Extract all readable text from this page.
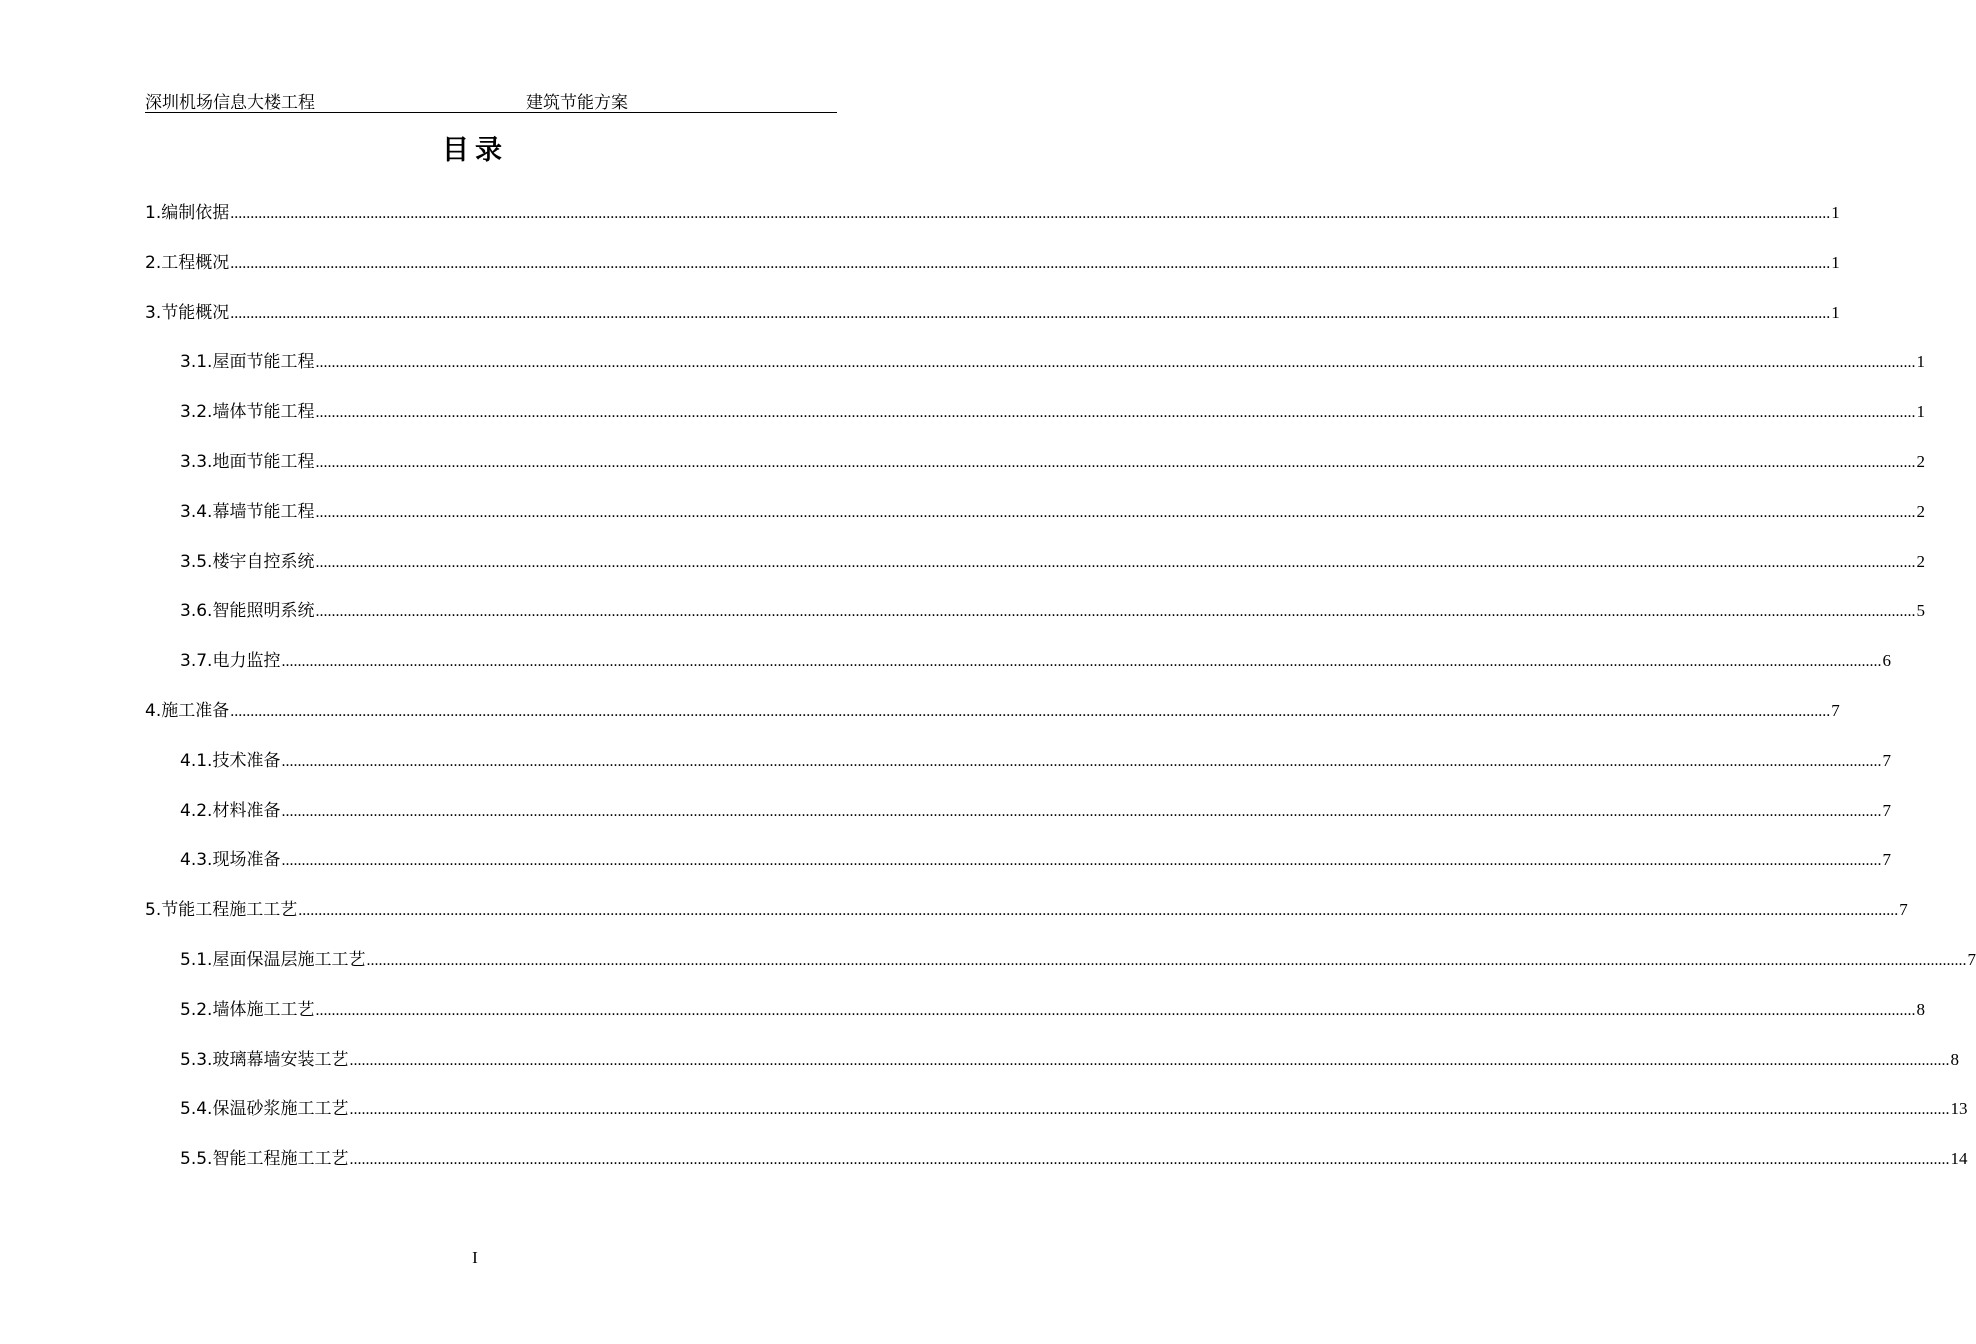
深圳机场信息大楼工程	建筑节能方案
目录
1. 编制依据 ................................................................................................................................................................................................................................................................................................................................................................................................................ 1
2. 工程概况 ................................................................................................................................................................................................................................................................................................................................................................................................................ 1
3. 节能概况 ................................................................................................................................................................................................................................................................................................................................................................................................................ 1
3.1. 屋面节能工程 ................................................................................................................................................................................................................................................................................................................................................................................................................ 1
3.2. 墙体节能工程 ................................................................................................................................................................................................................................................................................................................................................................................................................ 1
3.3. 地面节能工程 ................................................................................................................................................................................................................................................................................................................................................................................................................ 2
3.4. 幕墙节能工程 ................................................................................................................................................................................................................................................................................................................................................................................................................ 2
3.5. 楼宇自控系统 ................................................................................................................................................................................................................................................................................................................................................................................................................ 2
3.6. 智能照明系统 ................................................................................................................................................................................................................................................................................................................................................................................................................ 5
3.7. 电力监控 ................................................................................................................................................................................................................................................................................................................................................................................................................ 6
4. 施工准备 ................................................................................................................................................................................................................................................................................................................................................................................................................ 7
4.1. 技术准备 ................................................................................................................................................................................................................................................................................................................................................................................................................ 7
4.2. 材料准备 ................................................................................................................................................................................................................................................................................................................................................................................................................ 7
4.3. 现场准备 ................................................................................................................................................................................................................................................................................................................................................................................................................ 7
5. 节能工程施工工艺 ................................................................................................................................................................................................................................................................................................................................................................................................................ 7
5.1. 屋面保温层施工工艺 ................................................................................................................................................................................................................................................................................................................................................................................................................ 7
5.2. 墙体施工工艺 ................................................................................................................................................................................................................................................................................................................................................................................................................ 8
5.3. 玻璃幕墙安装工艺 ................................................................................................................................................................................................................................................................................................................................................................................................................ 8
5.4. 保温砂浆施工工艺 ................................................................................................................................................................................................................................................................................................................................................................................................................ 13
5.5. 智能工程施工工艺 ................................................................................................................................................................................................................................................................................................................................................................................................................ 14
I
